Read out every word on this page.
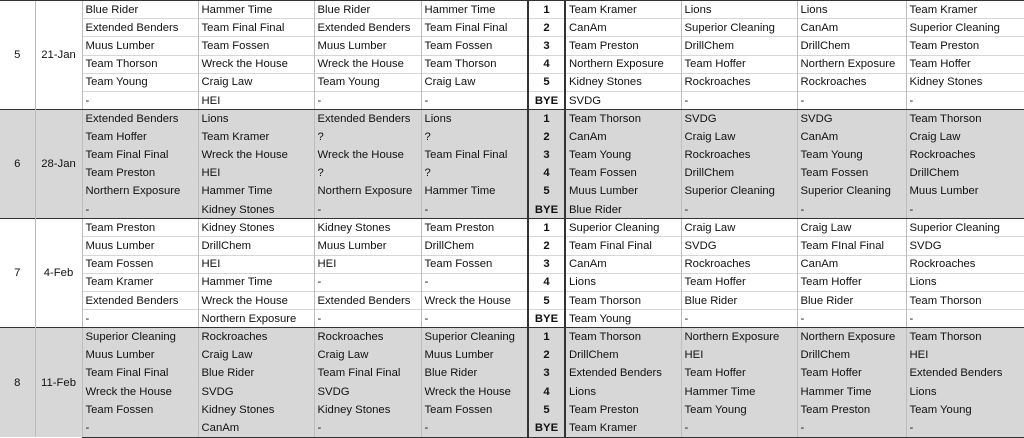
5	21-Jan	Blue Rider	Hammer Time	Blue Rider	Hammer Time	1	Team Kramer	Lions	Lions	Team Kramer
		Extended Benders	Team Final Final	Extended Benders	Team Final Final	2	CanAm	Superior Cleaning	CanAm	Superior Cleaning
		Muus Lumber	Team Fossen	Muus Lumber	Team Fossen	3	Team Preston	DrillChem	DrillChem	Team Preston
		Team Thorson	Wreck the House	Wreck the House	Team Thorson	4	Northern Exposure	Team Hoffer	Northern Exposure	Team Hoffer
		Team Young	Craig Law	Team Young	Craig Law	5	Kidney Stones	Rockroaches	Rockroaches	Kidney Stones
		-	HEI	-	-	BYE	SVDG	-	-	-
6	28-Jan	Extended Benders	Lions	Extended Benders	Lions	1	Team Thorson	SVDG	SVDG	Team Thorson
		Team Hoffer	Team Kramer	?	?	2	CanAm	Craig Law	CanAm	Craig Law
		Team Final Final	Wreck the House	Wreck the House	Team Final Final	3	Team Young	Rockroaches	Team Young	Rockroaches
		Team Preston	HEI	?	?	4	Team Fossen	DrillChem	Team Fossen	DrillChem
		Northern Exposure	Hammer Time	Northern Exposure	Hammer Time	5	Muus Lumber	Superior Cleaning	Superior Cleaning	Muus Lumber
		-	Kidney Stones	-	-	BYE	Blue Rider	-	-	-
7	4-Feb	Team Preston	Kidney Stones	Kidney Stones	Team Preston	1	Superior Cleaning	Craig Law	Craig Law	Superior Cleaning
		Muus Lumber	DrillChem	Muus Lumber	DrillChem	2	Team Final Final	SVDG	Team FInal Final	SVDG
		Team Fossen	HEI	HEI	Team Fossen	3	CanAm	Rockroaches	CanAm	Rockroaches
		Team Kramer	Hammer Time	-	-	4	Lions	Team Hoffer	Team Hoffer	Lions
		Extended Benders	Wreck the House	Extended Benders	Wreck the House	5	Team Thorson	Blue Rider	Blue Rider	Team Thorson
		-	Northern Exposure	-	-	BYE	Team Young	-	-	-
8	11-Feb	Superior Cleaning	Rockroaches	Rockroaches	Superior Cleaning	1	Team Thorson	Northern Exposure	Northern Exposure	Team Thorson
		Muus Lumber	Craig Law	Craig Law	Muus Lumber	2	DrillChem	HEI	DrillChem	HEI
		Team Final Final	Blue Rider	Team Final Final	Blue Rider	3	Extended Benders	Team Hoffer	Team Hoffer	Extended Benders
		Wreck the House	SVDG	SVDG	Wreck the House	4	Lions	Hammer Time	Hammer Time	Lions
		Team Fossen	Kidney Stones	Kidney Stones	Team Fossen	5	Team Preston	Team Young	Team Preston	Team Young
		-	CanAm	-	-	BYE	Team Kramer	-	-	-
